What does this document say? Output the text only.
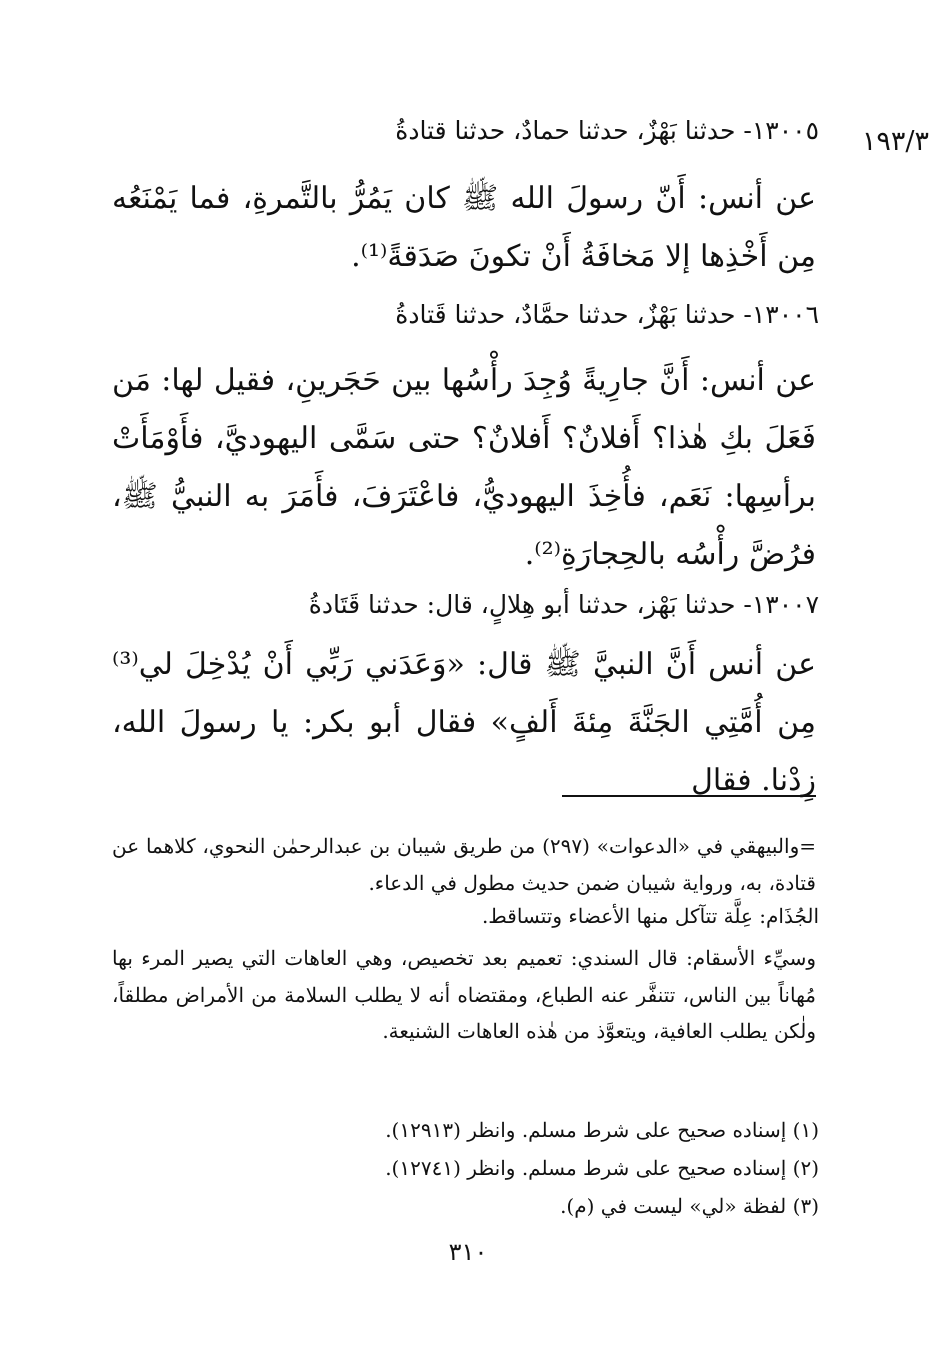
١٩٣/٣
١٣٠٠٥- حدثنا بَهْزٌ، حدثنا حمادٌ، حدثنا قتادةُ
عن أنس: أَنّ رسولَ الله ﷺ كان يَمُرُّ بالتَّمرةِ، فما يَمْنَعُه مِن أَخْذِها إلا مَخافَةُ أَنْ تكونَ صَدَقةً⁽¹⁾.
١٣٠٠٦- حدثنا بَهْزٌ، حدثنا حمَّادٌ، حدثنا قَتادةُ
عن أنس: أَنَّ جارِيةً وُجِدَ رأْسُها بين حَجَرينِ، فقيل لها: مَن فَعَلَ بكِ هٰذا؟ أَفلانٌ؟ أَفلانٌ؟ حتى سَمَّى اليهوديَّ، فأَوْمَأَتْ برأسِها: نَعَم، فأُخِذَ اليهوديُّ، فاعْتَرَفَ، فأَمَرَ به النبيُّ ﷺ، فرُضَّ رأْسُه بالحِجارَةِ⁽²⁾.
١٣٠٠٧- حدثنا بَهْز، حدثنا أبو هِلالٍ، قال: حدثنا قَتَادةُ
عن أنس أَنَّ النبيَّ ﷺ قال: «وَعَدَني رَبِّي أَنْ يُدْخِلَ لي⁽³⁾ مِن أُمَّتِي الجَنَّةَ مِئةَ أَلفٍ» فقال أبو بكر: يا رسولَ الله، زِدْنا. فقال
=والبيهقي في «الدعوات» (٢٩٧) من طريق شيبان بن عبدالرحمٰن النحوي، كلاهما عن قتادة، به، ورواية شيبان ضمن حديث مطول في الدعاء.
الجُذَام: عِلَّة تتآكل منها الأعضاء وتتساقط.
وسيِّء الأسقام: قال السندي: تعميم بعد تخصيص، وهي العاهات التي يصير المرء بها مُهاناً بين الناس، تتنفَّر عنه الطباع، ومقتضاه أنه لا يطلب السلامة من الأمراض مطلقاً، ولٰكن يطلب العافية، ويتعوَّذ من هٰذه العاهات الشنيعة.
(١) إسناده صحيح على شرط مسلم. وانظر (١٢٩١٣).
(٢) إسناده صحيح على شرط مسلم. وانظر (١٢٧٤١).
(٣) لفظة «لي» ليست في (م).
٣١٠
